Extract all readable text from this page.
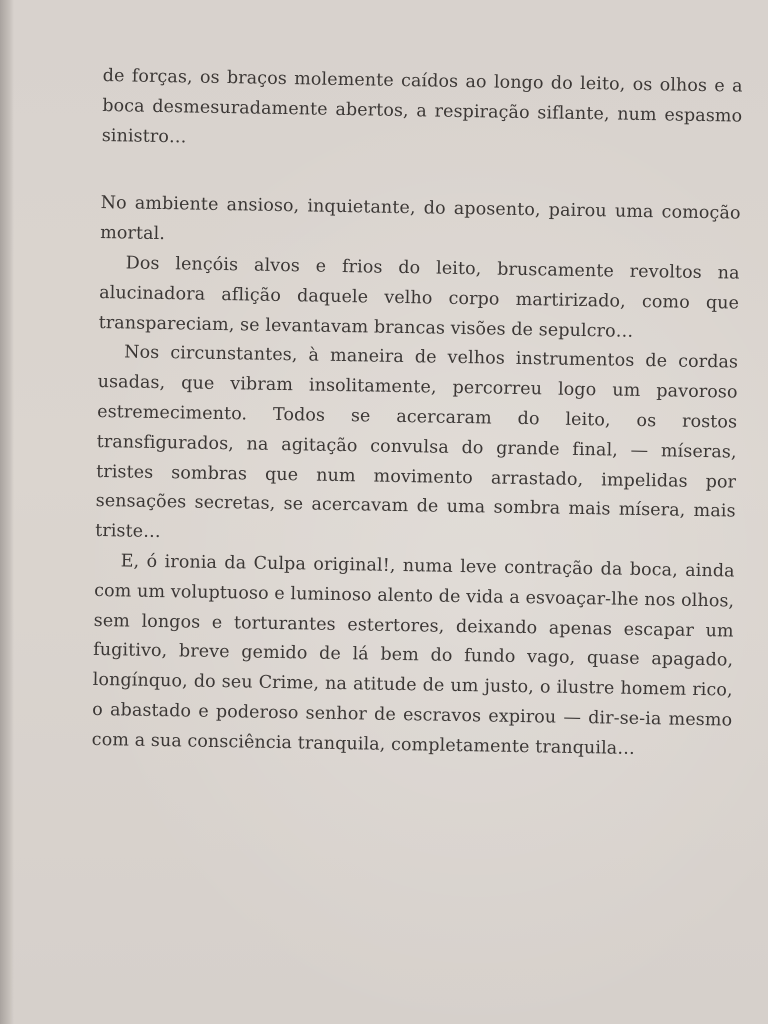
de forças, os braços molemente caídos ao longo do leito, os olhos e a boca desmesuradamente abertos, a respiração siflante, num espasmo sinistro…

No ambiente ansioso, inquietante, do aposento, pairou uma comoção mortal.

Dos lençóis alvos e frios do leito, bruscamente revoltos na alucinadora aflição daquele velho corpo martirizado, como que transpareciam, se levantavam brancas visões de sepulcro…

Nos circunstantes, à maneira de velhos instrumentos de cordas usadas, que vibram insolitamente, percorreu logo um pavoroso estremecimento. Todos se acercaram do leito, os rostos transfigurados, na agitação convulsa do grande final, — míseras, tristes sombras que num movimento arrastado, impelidas por sensações secretas, se acercavam de uma sombra mais mísera, mais triste…

E, ó ironia da Culpa original!, numa leve contração da boca, ainda com um voluptuoso e luminoso alento de vida a esvoaçar-lhe nos olhos, sem longos e torturantes estertores, deixando apenas escapar um fugitivo, breve gemido de lá bem do fundo vago, quase apagado, longínquo, do seu Crime, na atitude de um justo, o ilustre homem rico, o abastado e poderoso senhor de escravos expirou — dir-se-ia mesmo com a sua consciência tranquila, completamente tranquila…
